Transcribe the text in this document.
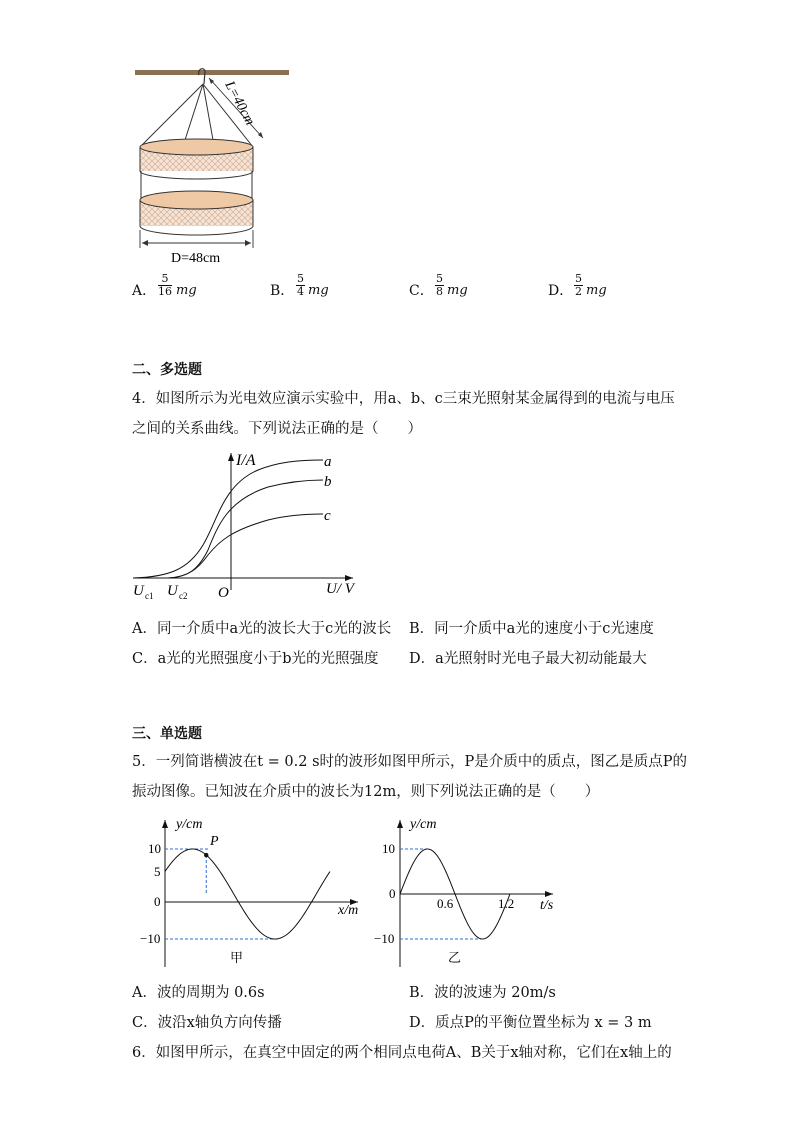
L=40cm
D=48cm
A． $\frac{5}{16}$ mg	B． $\frac{5}{4}$ mg	C． $\frac{5}{8}$ mg	D． $\frac{5}{2}$ mg
二、多选题
4．如图所示为光电效应演示实验中，用a、b、c三束光照射某金属得到的电流与电压
之间的关系曲线。下列说法正确的是（　　）
I/A
U/ V
O
a
b
c
U c1 U c2
A．同一介质中a光的波长大于c光的波长 B．同一介质中a光的速度小于c光速度
C．a光的光照强度小于b光的光照强度 D．a光照射时光电子最大初动能最大
三、单选题
5．一列简谐横波在t = 0.2 s时的波形如图甲所示，P是介质中的质点，图乙是质点P的
振动图像。已知波在介质中的波长为12m，则下列说法正确的是（　　）
y/cm
x/m
10
5
0
−10
P
甲
y/cm
t/s
10
0
−10
0.6	1.2
乙
A．波的周期为 0.6s	B．波的波速为 20m/s
C．波沿x轴负方向传播	D．质点P的平衡位置坐标为 x = 3 m
6．如图甲所示，在真空中固定的两个相同点电荷A、B关于x轴对称，它们在x轴上的
